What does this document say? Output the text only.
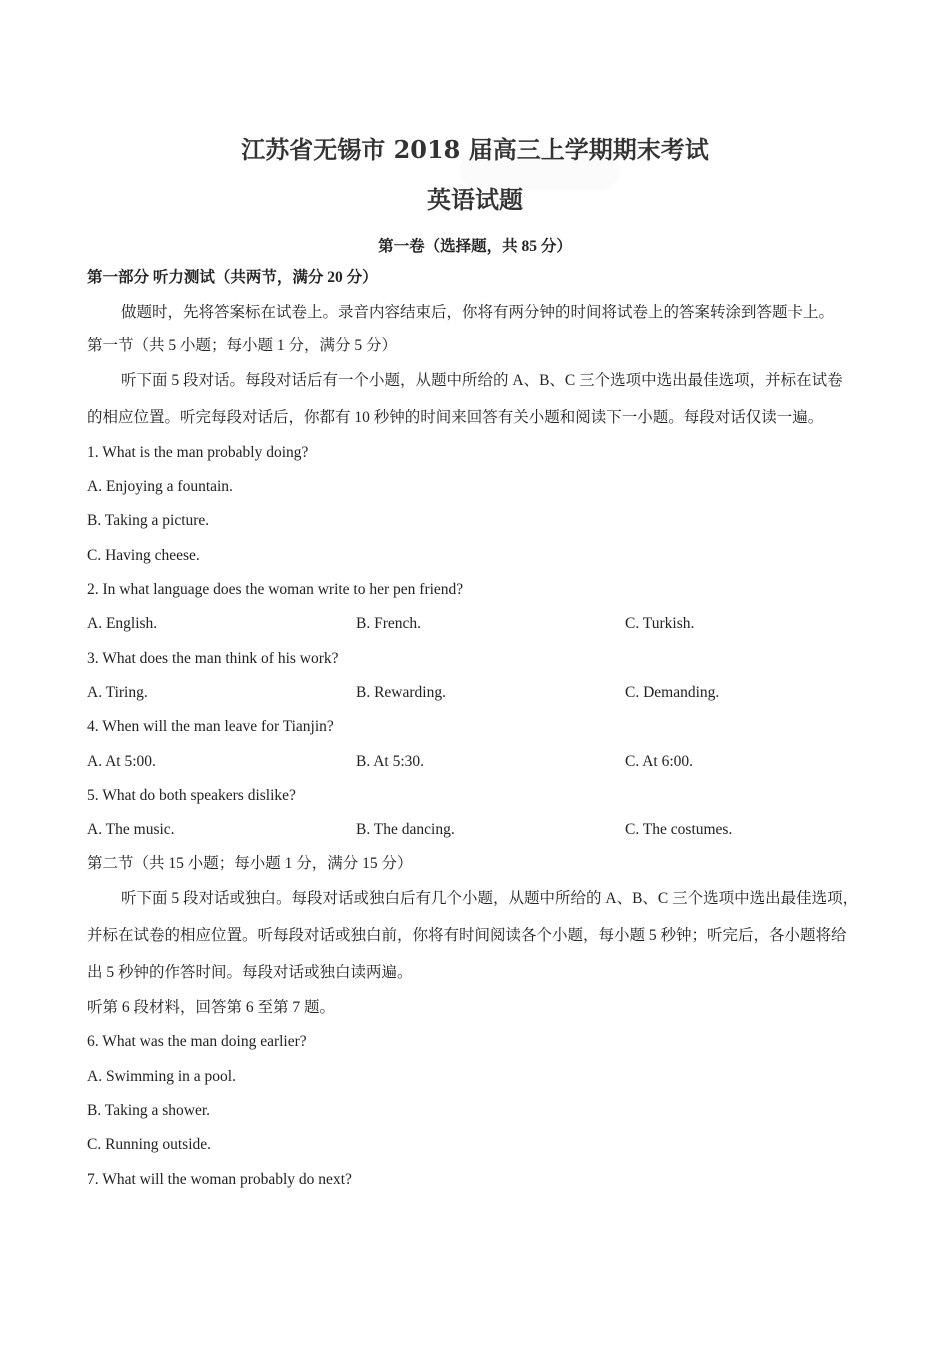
江苏省无锡市 2018 届高三上学期期末考试
英语试题
第一卷（选择题，共 85 分）
第一部分 听力测试（共两节，满分 20 分）
做题时，先将答案标在试卷上。录音内容结束后，你将有两分钟的时间将试卷上的答案转涂到答题卡上。
第一节（共 5 小题；每小题 1 分，满分 5 分）
听下面 5 段对话。每段对话后有一个小题，从题中所给的 A、B、C 三个选项中选出最佳选项，并标在试卷
的相应位置。听完每段对话后，你都有 10 秒钟的时间来回答有关小题和阅读下一小题。每段对话仅读一遍。
1. What is the man probably doing?
A. Enjoying a fountain.
B. Taking a picture.
C. Having cheese.
2. In what language does the woman write to her pen friend?
A. English.	B. French.	C. Turkish.
3. What does the man think of his work?
A. Tiring.	B. Rewarding.	C. Demanding.
4. When will the man leave for Tianjin?
A. At 5:00.	B. At 5:30.	C. At 6:00.
5. What do both speakers dislike?
A. The music.	B. The dancing.	C. The costumes.
第二节（共 15 小题；每小题 1 分，满分 15 分）
听下面 5 段对话或独白。每段对话或独白后有几个小题，从题中所给的 A、B、C 三个选项中选出最佳选项，
并标在试卷的相应位置。听每段对话或独白前，你将有时间阅读各个小题，每小题 5 秒钟；听完后，各小题将给
出 5 秒钟的作答时间。每段对话或独白读两遍。
听第 6 段材料，回答第 6 至第 7 题。
6. What was the man doing earlier?
A. Swimming in a pool.
B. Taking a shower.
C. Running outside.
7. What will the woman probably do next?
